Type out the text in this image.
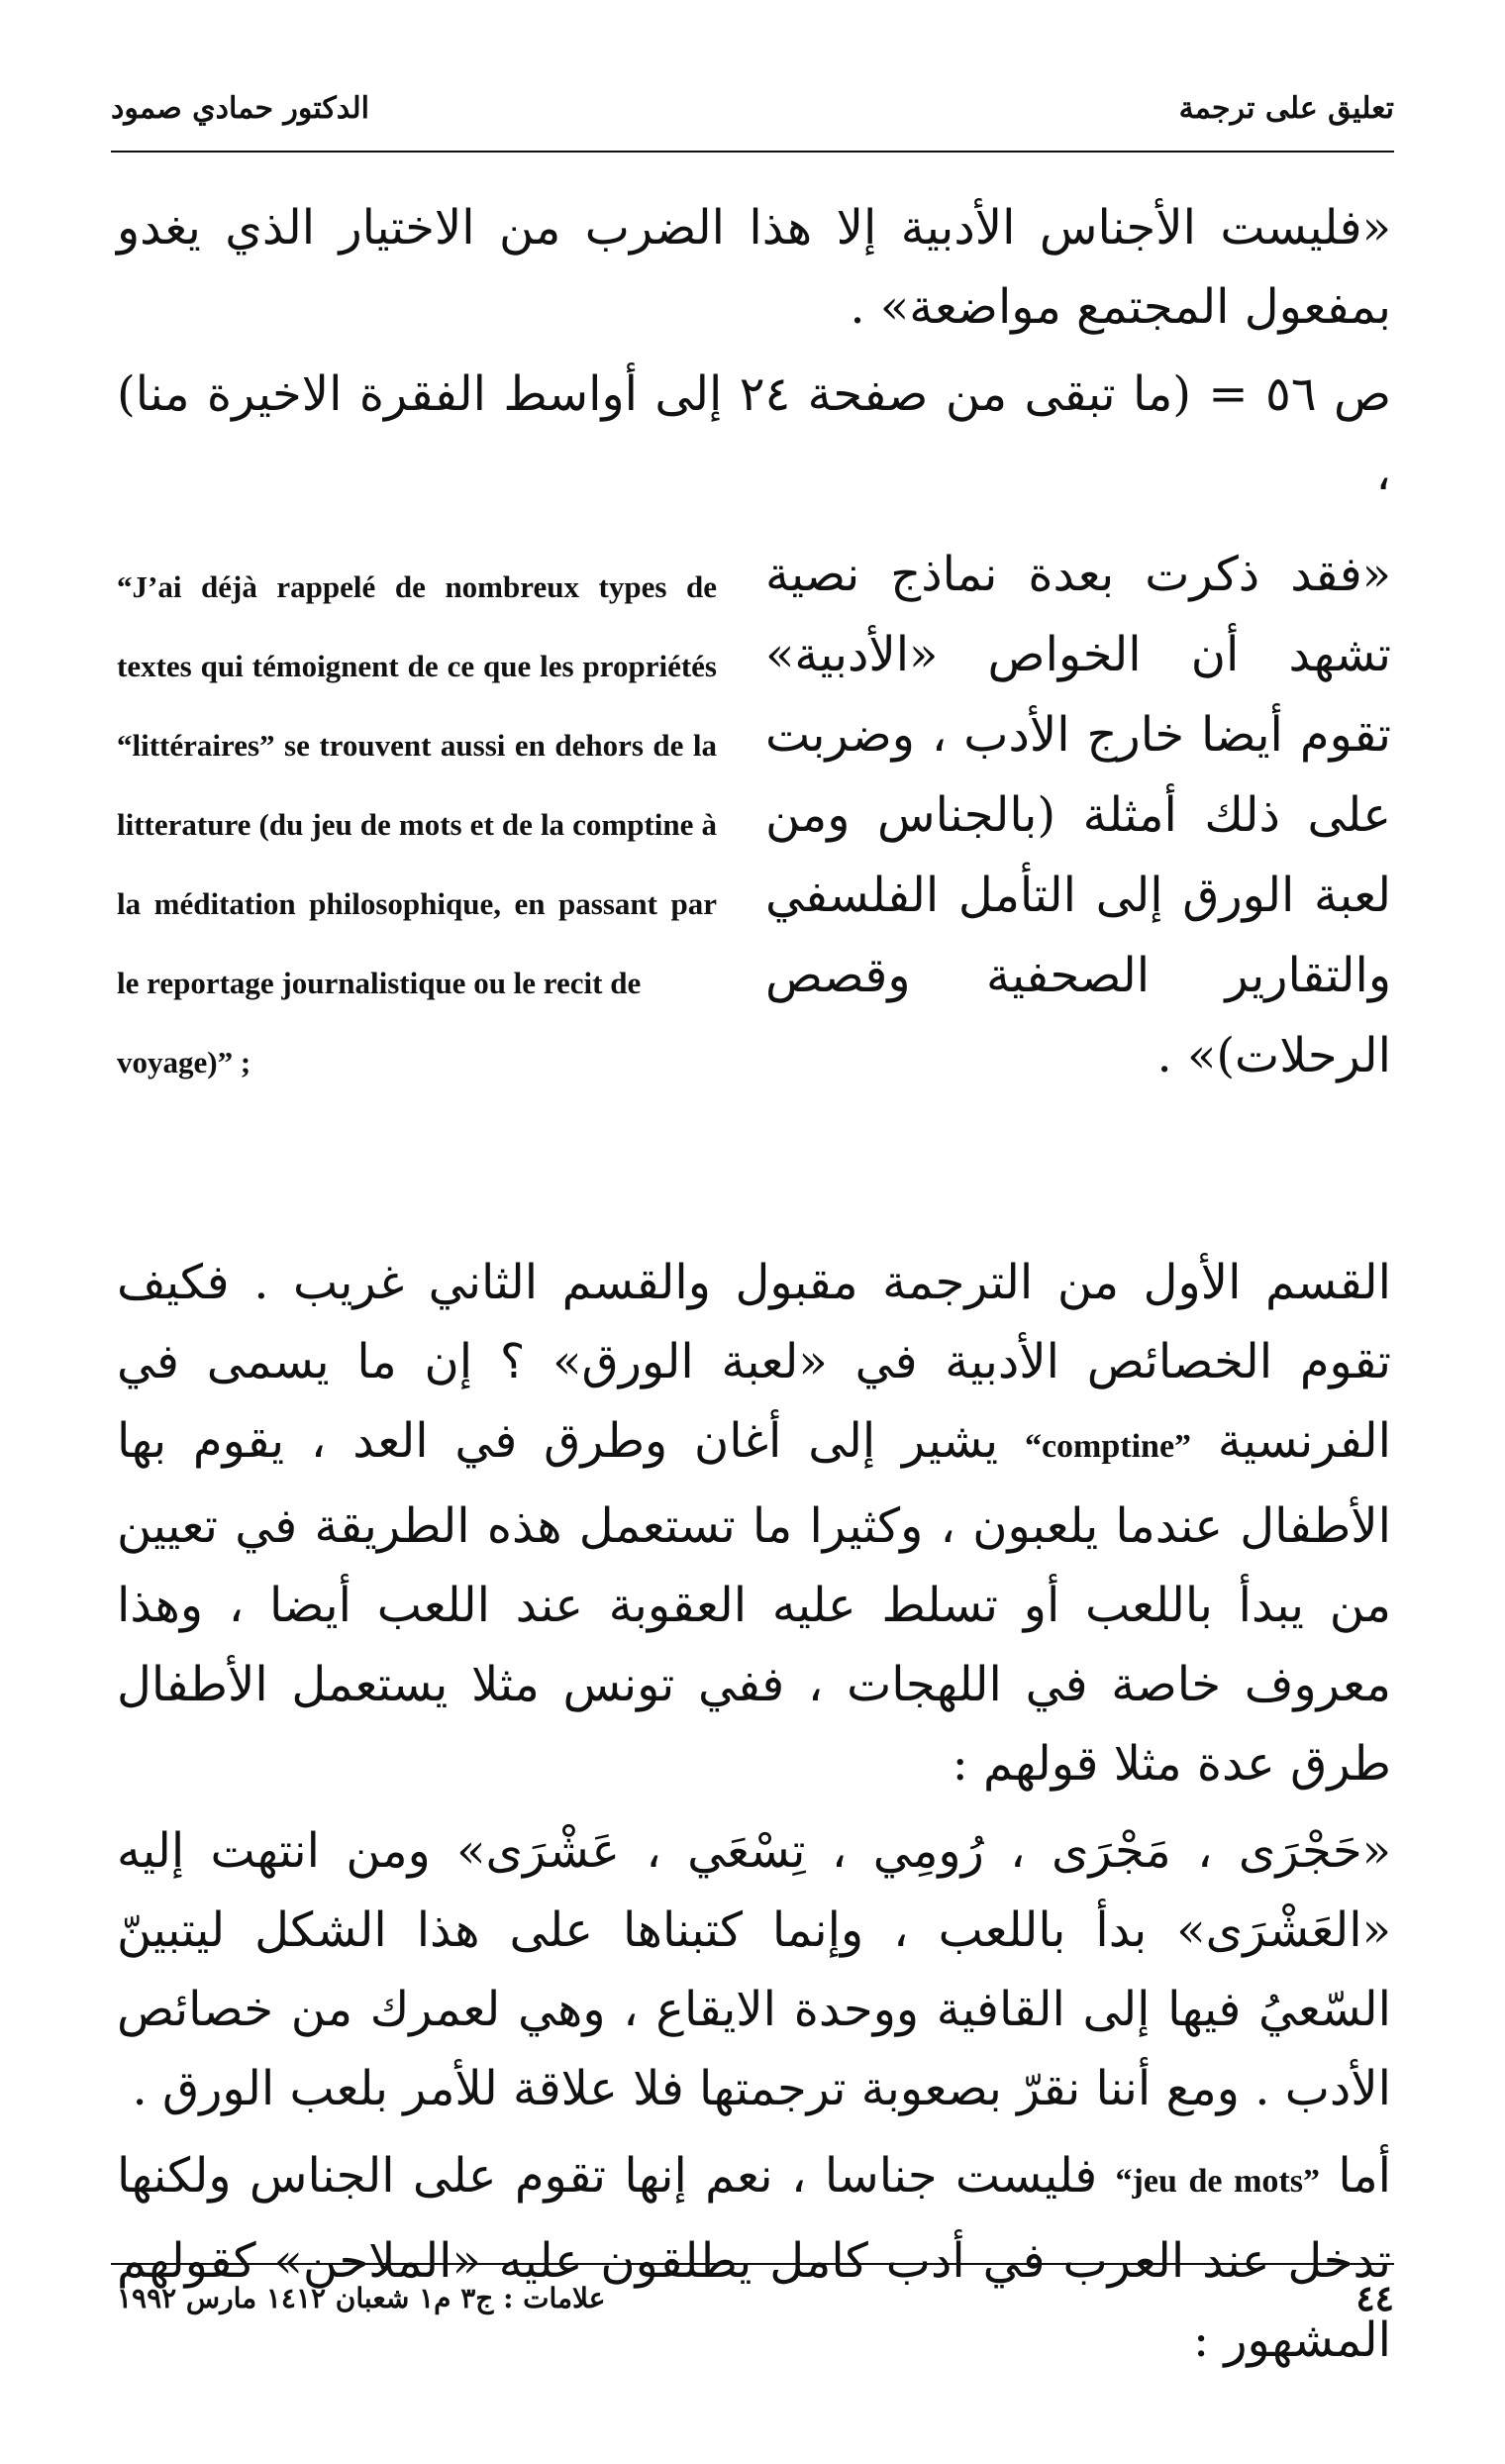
الدكتور حمادي صمود	تعليق على ترجمة

«فليست الأجناس الأدبية إلا هذا الضرب من الاختيار الذي يغدو بمفعول المجتمع مواضعة» .

ص ٥٦ = (ما تبقى من صفحة ٢٤ إلى أواسط الفقرة الاخيرة منا) ،

«فقد ذكرت بعدة نماذج نصية تشهد أن الخواص «الأدبية» تقوم أيضا خارج الأدب ، وضربت على ذلك أمثلة (بالجناس ومن لعبة الورق إلى التأمل الفلسفي والتقارير الصحفية وقصص الرحلات)» .

“J’ai déjà rappelé de nombreux types de textes qui témoignent de ce que les propriétés “littéraires” se trouvent aussi en dehors de la litterature (du jeu de mots et de la comptine à la méditation philosophique, en passant par le reportage journalistique ou le recit de
voyage)” ;

القسم الأول من الترجمة مقبول والقسم الثاني غريب . فكيف تقوم الخصائص الأدبية في «لعبة الورق» ؟ إن ما يسمى في الفرنسية “comptine” يشير إلى أغان وطرق في العد ، يقوم بها الأطفال عندما يلعبون ، وكثيرا ما تستعمل هذه الطريقة في تعيين من يبدأ باللعب أو تسلط عليه العقوبة عند اللعب أيضا ، وهذا معروف خاصة في اللهجات ، ففي تونس مثلا يستعمل الأطفال طرق عدة مثلا قولهم :

«حَجْرَى ، مَجْرَى ، رُومِي ، تِسْعَي ، عَشْرَى» ومن انتهت إليه «العَشْرَى» بدأ باللعب ، وإنما كتبناها على هذا الشكل ليتبينّ السّعيُ فيها إلى القافية ووحدة الايقاع ، وهي لعمرك من خصائص الأدب . ومع أننا نقرّ بصعوبة ترجمتها فلا علاقة للأمر بلعب الورق .

أما “jeu de mots” فليست جناسا ، نعم إنها تقوم على الجناس ولكنها تدخل عند العرب في أدب كامل يطلقون عليه «الملاحن» كقولهم المشهور :

٤٤
علامات : ج٣ م١ شعبان ١٤١٢ مارس ١٩٩٢
